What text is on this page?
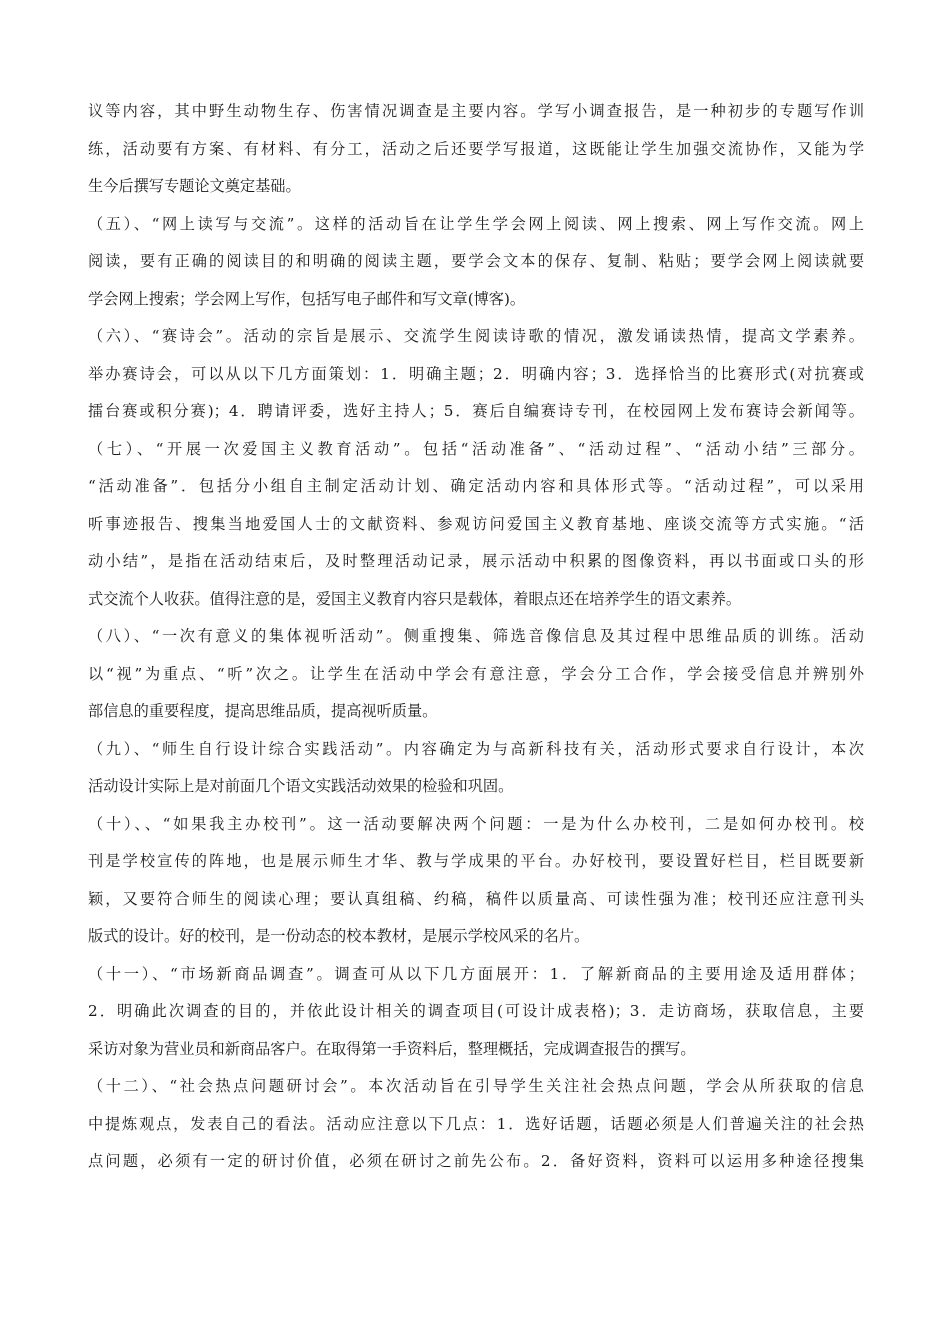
议等内容，其中野生动物生存、伤害情况调查是主要内容。学写小调查报告，是一种初步的专题写作训
练，活动要有方案、有材料、有分工，活动之后还要学写报道，这既能让学生加强交流协作，又能为学
生今后撰写专题论文奠定基础。
（五）、“网上读写与交流”。这样的活动旨在让学生学会网上阅读、网上搜索、网上写作交流。网上
阅读，要有正确的阅读目的和明确的阅读主题，要学会文本的保存、复制、粘贴；要学会网上阅读就要
学会网上搜索；学会网上写作，包括写电子邮件和写文章(博客)。
（六）、“赛诗会”。活动的宗旨是展示、交流学生阅读诗歌的情况，激发诵读热情，提高文学素养。
举办赛诗会，可以从以下几方面策划：1．明确主题；2．明确内容；3．选择恰当的比赛形式(对抗赛或
擂台赛或积分赛)；4．聘请评委，选好主持人；5．赛后自编赛诗专刊，在校园网上发布赛诗会新闻等。
（七）、“开展一次爱国主义教育活动”。包括“活动准备”、“活动过程”、“活动小结”三部分。
“活动准备”．包括分小组自主制定活动计划、确定活动内容和具体形式等。“活动过程”，可以采用
听事迹报告、搜集当地爱国人士的文献资料、参观访问爱国主义教育基地、座谈交流等方式实施。“活
动小结”，是指在活动结束后，及时整理活动记录，展示活动中积累的图像资料，再以书面或口头的形
式交流个人收获。值得注意的是，爱国主义教育内容只是载体，着眼点还在培养学生的语文素养。
（八）、“一次有意义的集体视听活动”。侧重搜集、筛选音像信息及其过程中思维品质的训练。活动
以“视”为重点、“听”次之。让学生在活动中学会有意注意，学会分工合作，学会接受信息并辨别外
部信息的重要程度，提高思维品质，提高视听质量。
（九）、“师生自行设计综合实践活动”。内容确定为与高新科技有关，活动形式要求自行设计，本次
活动设计实际上是对前面几个语文实践活动效果的检验和巩固。
（十）、、“如果我主办校刊”。这一活动要解决两个问题：一是为什么办校刊，二是如何办校刊。校
刊是学校宣传的阵地，也是展示师生才华、教与学成果的平台。办好校刊，要设置好栏目，栏目既要新
颖，又要符合师生的阅读心理；要认真组稿、约稿，稿件以质量高、可读性强为准；校刊还应注意刊头
版式的设计。好的校刊，是一份动态的校本教材，是展示学校风采的名片。
（十一）、“市场新商品调查”。调查可从以下几方面展开：1．了解新商品的主要用途及适用群体；
2．明确此次调查的目的，并依此设计相关的调查项目(可设计成表格)；3．走访商场，获取信息，主要
采访对象为营业员和新商品客户。在取得第一手资料后，整理概括，完成调查报告的撰写。
（十二）、“社会热点问题研讨会”。本次活动旨在引导学生关注社会热点问题，学会从所获取的信息
中提炼观点，发表自己的看法。活动应注意以下几点：1．选好话题，话题必须是人们普遍关注的社会热
点问题，必须有一定的研讨价值，必须在研讨之前先公布。2．备好资料，资料可以运用多种途径搜集
